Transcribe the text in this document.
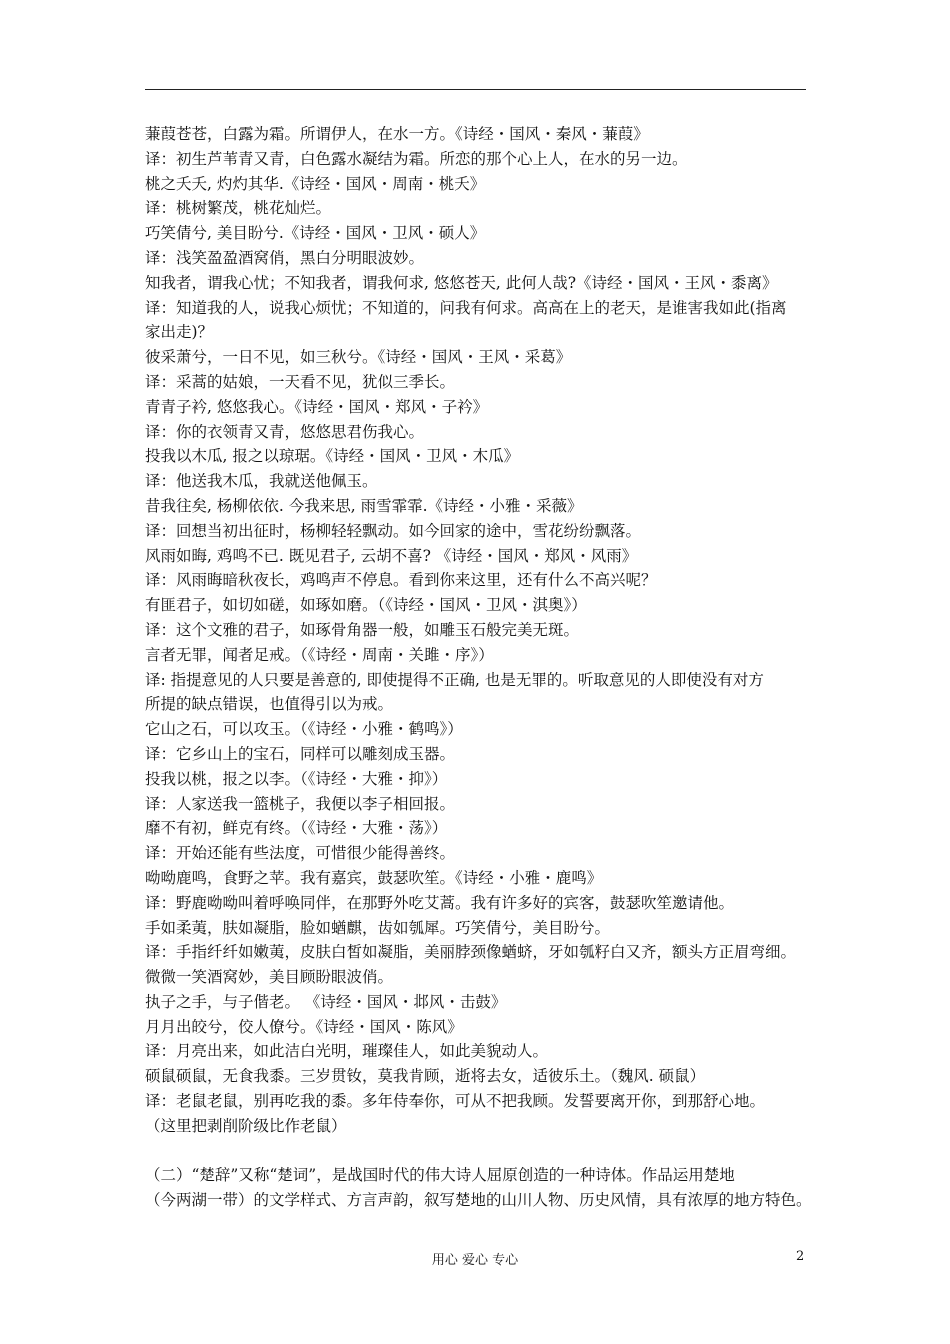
蒹葭苍苍，白露为霜。所谓伊人，在水一方。《诗经・国风・秦风・蒹葭》
译：初生芦苇青又青，白色露水凝结为霜。所恋的那个心上人，在水的另一边。
桃之夭夭, 灼灼其华.《诗经・国风・周南・桃夭》
译：桃树繁茂，桃花灿烂。
巧笑倩兮, 美目盼兮.《诗经・国风・卫风・硕人》
译：浅笑盈盈酒窝俏，黑白分明眼波妙。
知我者，谓我心忧；不知我者，谓我何求, 悠悠苍天, 此何人哉?《诗经・国风・王风・黍离》
译：知道我的人，说我心烦忧；不知道的，问我有何求。高高在上的老天，是谁害我如此(指离
家出走)？
彼采萧兮，一日不见，如三秋兮。《诗经・国风・王风・采葛》
译：采蒿的姑娘，一天看不见，犹似三季长。
青青子衿, 悠悠我心。《诗经・国风・郑风・子衿》
译：你的衣领青又青，悠悠思君伤我心。
投我以木瓜, 报之以琼琚。《诗经・国风・卫风・木瓜》
译：他送我木瓜，我就送他佩玉。
昔我往矣, 杨柳依依. 今我来思, 雨雪霏霏.《诗经・小雅・采薇》
译：回想当初出征时，杨柳轻轻飘动。如今回家的途中，雪花纷纷飘落。
风雨如晦, 鸡鸣不已. 既见君子, 云胡不喜? 《诗经・国风・郑风・风雨》
译：风雨晦暗秋夜长，鸡鸣声不停息。看到你来这里，还有什么不高兴呢？
有匪君子，如切如磋，如琢如磨。（《诗经・国风・卫风・淇奥》）
译：这个文雅的君子，如琢骨角器一般，如雕玉石般完美无斑。
言者无罪，闻者足戒。（《诗经・周南・关雎・序》）
译: 指提意见的人只要是善意的, 即使提得不正确, 也是无罪的。听取意见的人即使没有对方
所提的缺点错误，也值得引以为戒。
它山之石，可以攻玉。（《诗经・小雅・鹤鸣》）
译：它乡山上的宝石，同样可以雕刻成玉器。
投我以桃，报之以李。（《诗经・大雅・抑》）
译：人家送我一篮桃子，我便以李子相回报。
靡不有初，鲜克有终。（《诗经・大雅・荡》）
译：开始还能有些法度，可惜很少能得善终。
呦呦鹿鸣，食野之苹。我有嘉宾，鼓瑟吹笙。《诗经・小雅・鹿鸣》
译：野鹿呦呦叫着呼唤同伴，在那野外吃艾蒿。我有许多好的宾客，鼓瑟吹笙邀请他。
手如柔荑，肤如凝脂，脸如蝤麒，齿如瓠犀。巧笑倩兮，美目盼兮。
译：手指纤纤如嫩荑，皮肤白皙如凝脂，美丽脖颈像蝤蛴，牙如瓠籽白又齐，额头方正眉弯细。
微微一笑酒窝妙，美目顾盼眼波俏。
执子之手，与子偕老。 《诗经・国风・邶风・击鼓》
月月出皎兮，佼人僚兮。《诗经・国风・陈风》
译：月亮出来，如此洁白光明，璀璨佳人，如此美貌动人。
硕鼠硕鼠，无食我黍。三岁贯钕，莫我肯顾，逝将去女，适彼乐土。（魏风. 硕鼠）
译：老鼠老鼠，别再吃我的黍。多年侍奉你，可从不把我顾。发誓要离开你，到那舒心地。
（这里把剥削阶级比作老鼠）
（二）“楚辞”又称“楚词”，是战国时代的伟大诗人屈原创造的一种诗体。作品运用楚地
（今两湖一带）的文学样式、方言声韵，叙写楚地的山川人物、历史风情，具有浓厚的地方特色。
用心 爱心 专心	2
